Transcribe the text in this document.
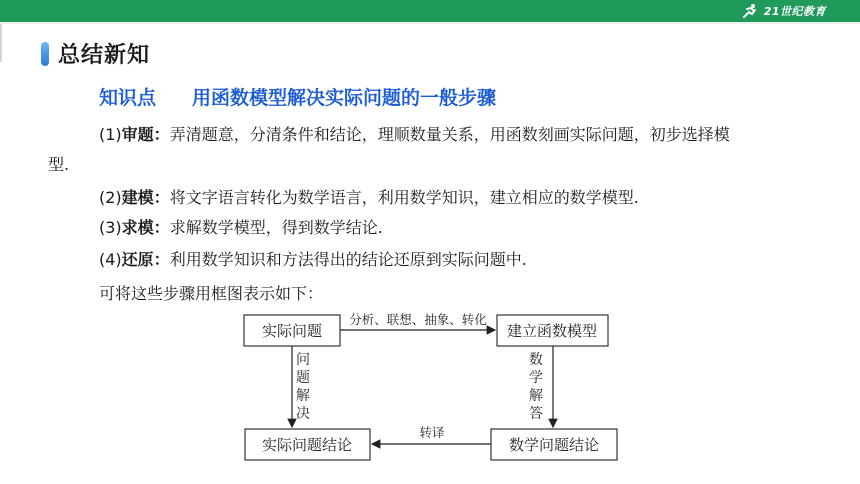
21世纪教育
总结新知
知识点 用函数模型解决实际问题的一般步骤
(1)审题：弄清题意，分清条件和结论，理顺数量关系，用函数刻画实际问题，初步选择模
型.
(2)建模：将文字语言转化为数学语言，利用数学知识，建立相应的数学模型.
(3)求模：求解数学模型，得到数学结论.
(4)还原：利用数学知识和方法得出的结论还原到实际问题中.
可将这些步骤用框图表示如下：
实际问题	建立函数模型
数学问题结论
实际问题结论
分析、联想、抽象、转化
数
学
解
答
转译
问
题
解
决
